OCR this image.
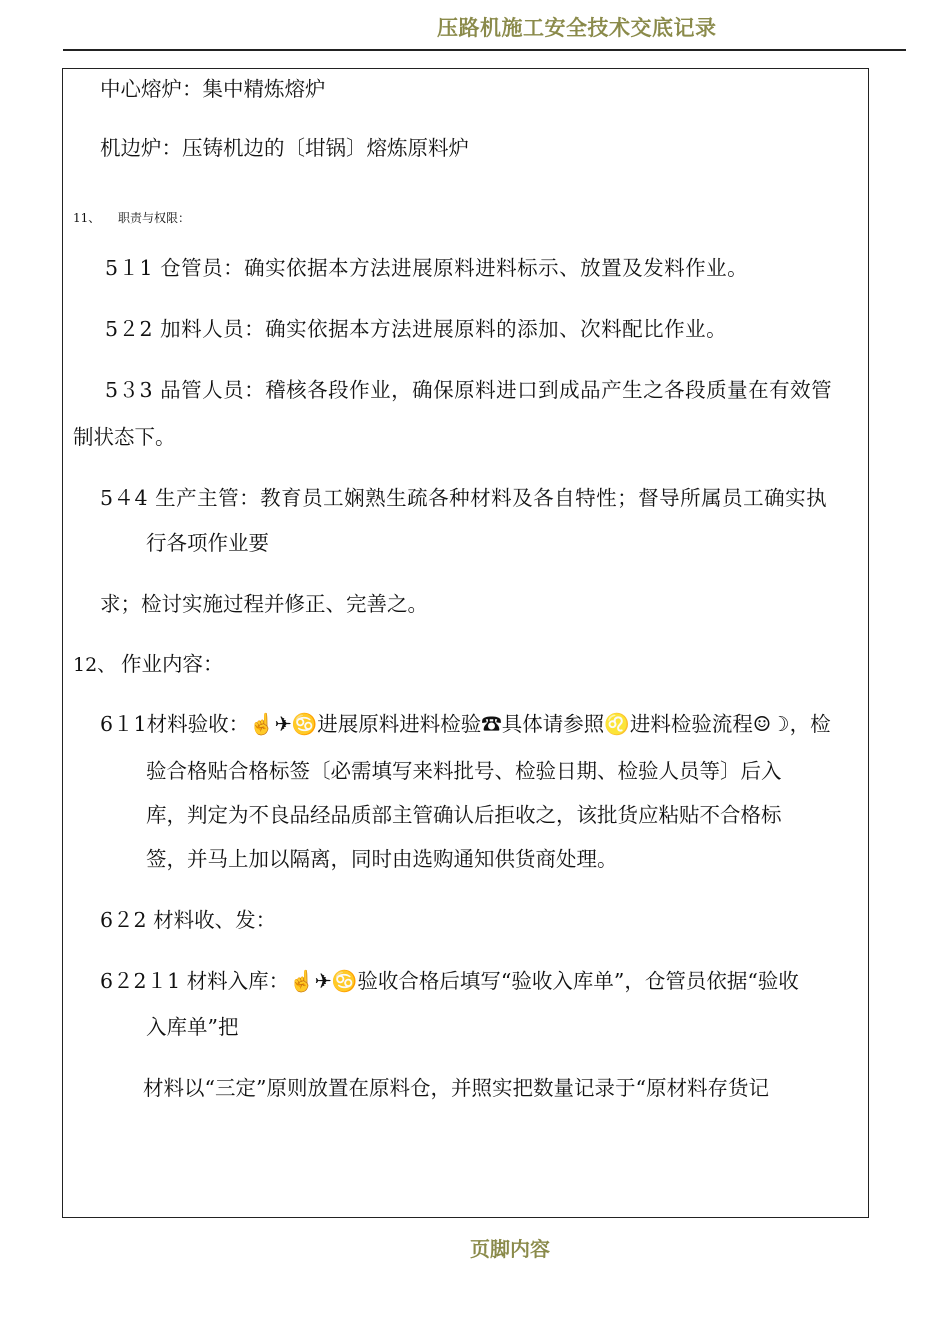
压路机施工安全技术交底记录
中心熔炉：集中精炼熔炉
机边炉：压铸机边的〔坩锅〕熔炼原料炉
11、 职责与权限：
5１1 仓管员：确实依据本方法进展原料进料标示、放置及发料作业。
5２2 加料人员：确实依据本方法进展原料的添加、次料配比作业。
5３3 品管人员：稽核各段作业，确保原料进口到成品产生之各段质量在有效管
制状态下。
5４4 生产主管：教育员工娴熟生疏各种材料及各自特性；督导所属员工确实执
行各项作业要
求；检讨实施过程并修正、完善之。
12、 作业内容：
6１1材料验收：☝✈♋进展原料进料检验☎具体请参照♌进料检验流程☺☽，检
验合格贴合格标签〔必需填写来料批号、检验日期、检验人员等〕后入
库，判定为不良品经品质部主管确认后拒收之，该批货应粘贴不合格标
签，并马上加以隔离，同时由选购通知供货商处理。
6２2 材料收、发：
6２2１1 材料入库：☝✈♋验收合格后填写“验收入库单”，仓管员依据“验收
入库单”把
材料以“三定”原则放置在原料仓，并照实把数量记录于“原材料存货记
页脚内容
